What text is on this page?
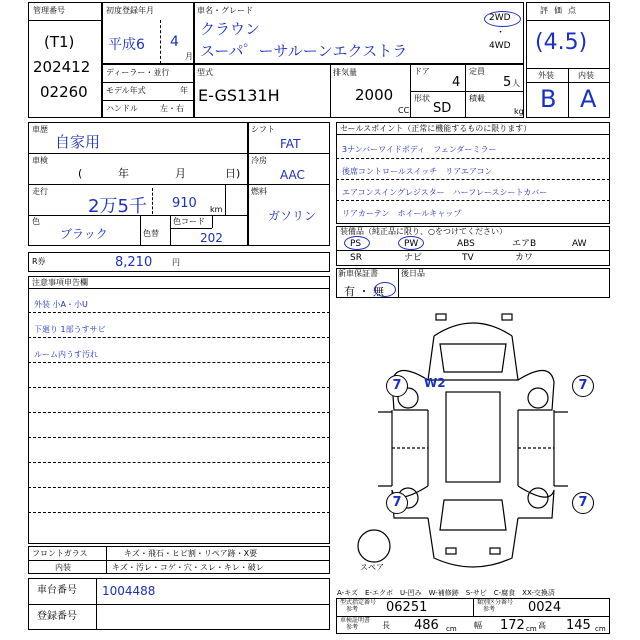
管理番号
(T1)
202412
02260
初度登録年月
平成6 4
月
車名・グレード
クラウン
スーパ゜ーサルーンエクストラ
2WD
・
4WD
評価点
(4.5)
外装	内装
B A
ディーラー・並行
モデル年式	年
ハンドル	左・右
型式
E-GS131H
排気量
2000
CC
ドア
4
定員
5 人
形状
SD
積載
kg
車歴
自家用
車検
(	年	月	日)
走行
2万5千 910 km
色
ブラック	色替
色コード
202
シフト
FAT
冷房
AAC
燃料
ガソリン
R券	8,210 円
注意事項申告欄
外装 小A・小U
下廻り 1部うすサビ
ルーム内うす汚れ
フロントガラス	キズ・飛石・ヒビ割・リペア跡・X要
内装	キズ・汚レ・コゲ・穴・スレ・キレ・破レ
車台番号 1004488
登録番号
セールスポイント（正常に機能するものに限ります）
3ナンバーワイドボディ　フェンダーミラー
後席コントロールスイッチ　リアエアコン
エアコンスイングレジスター　ハーフレースシートカバー
リアカーテン　ホイールキャップ
装備品（純正品に限り、○をつけてください）
PS	PW	ABS	エアB	AW
SR	ナビ	TV	カワ
新車保証書	後日品
有 ・ 無
7	W2	7
7	7
スペア
A-キズ　E-エクボ　U-凹み　W-補修跡　S-サビ　C-腐食　XX-交換済
型式指定番号
参考 06251	類別区分番号
参考	0024
車検証明書
参考	長 486 cm 幅 172 cm 高 145 cm
